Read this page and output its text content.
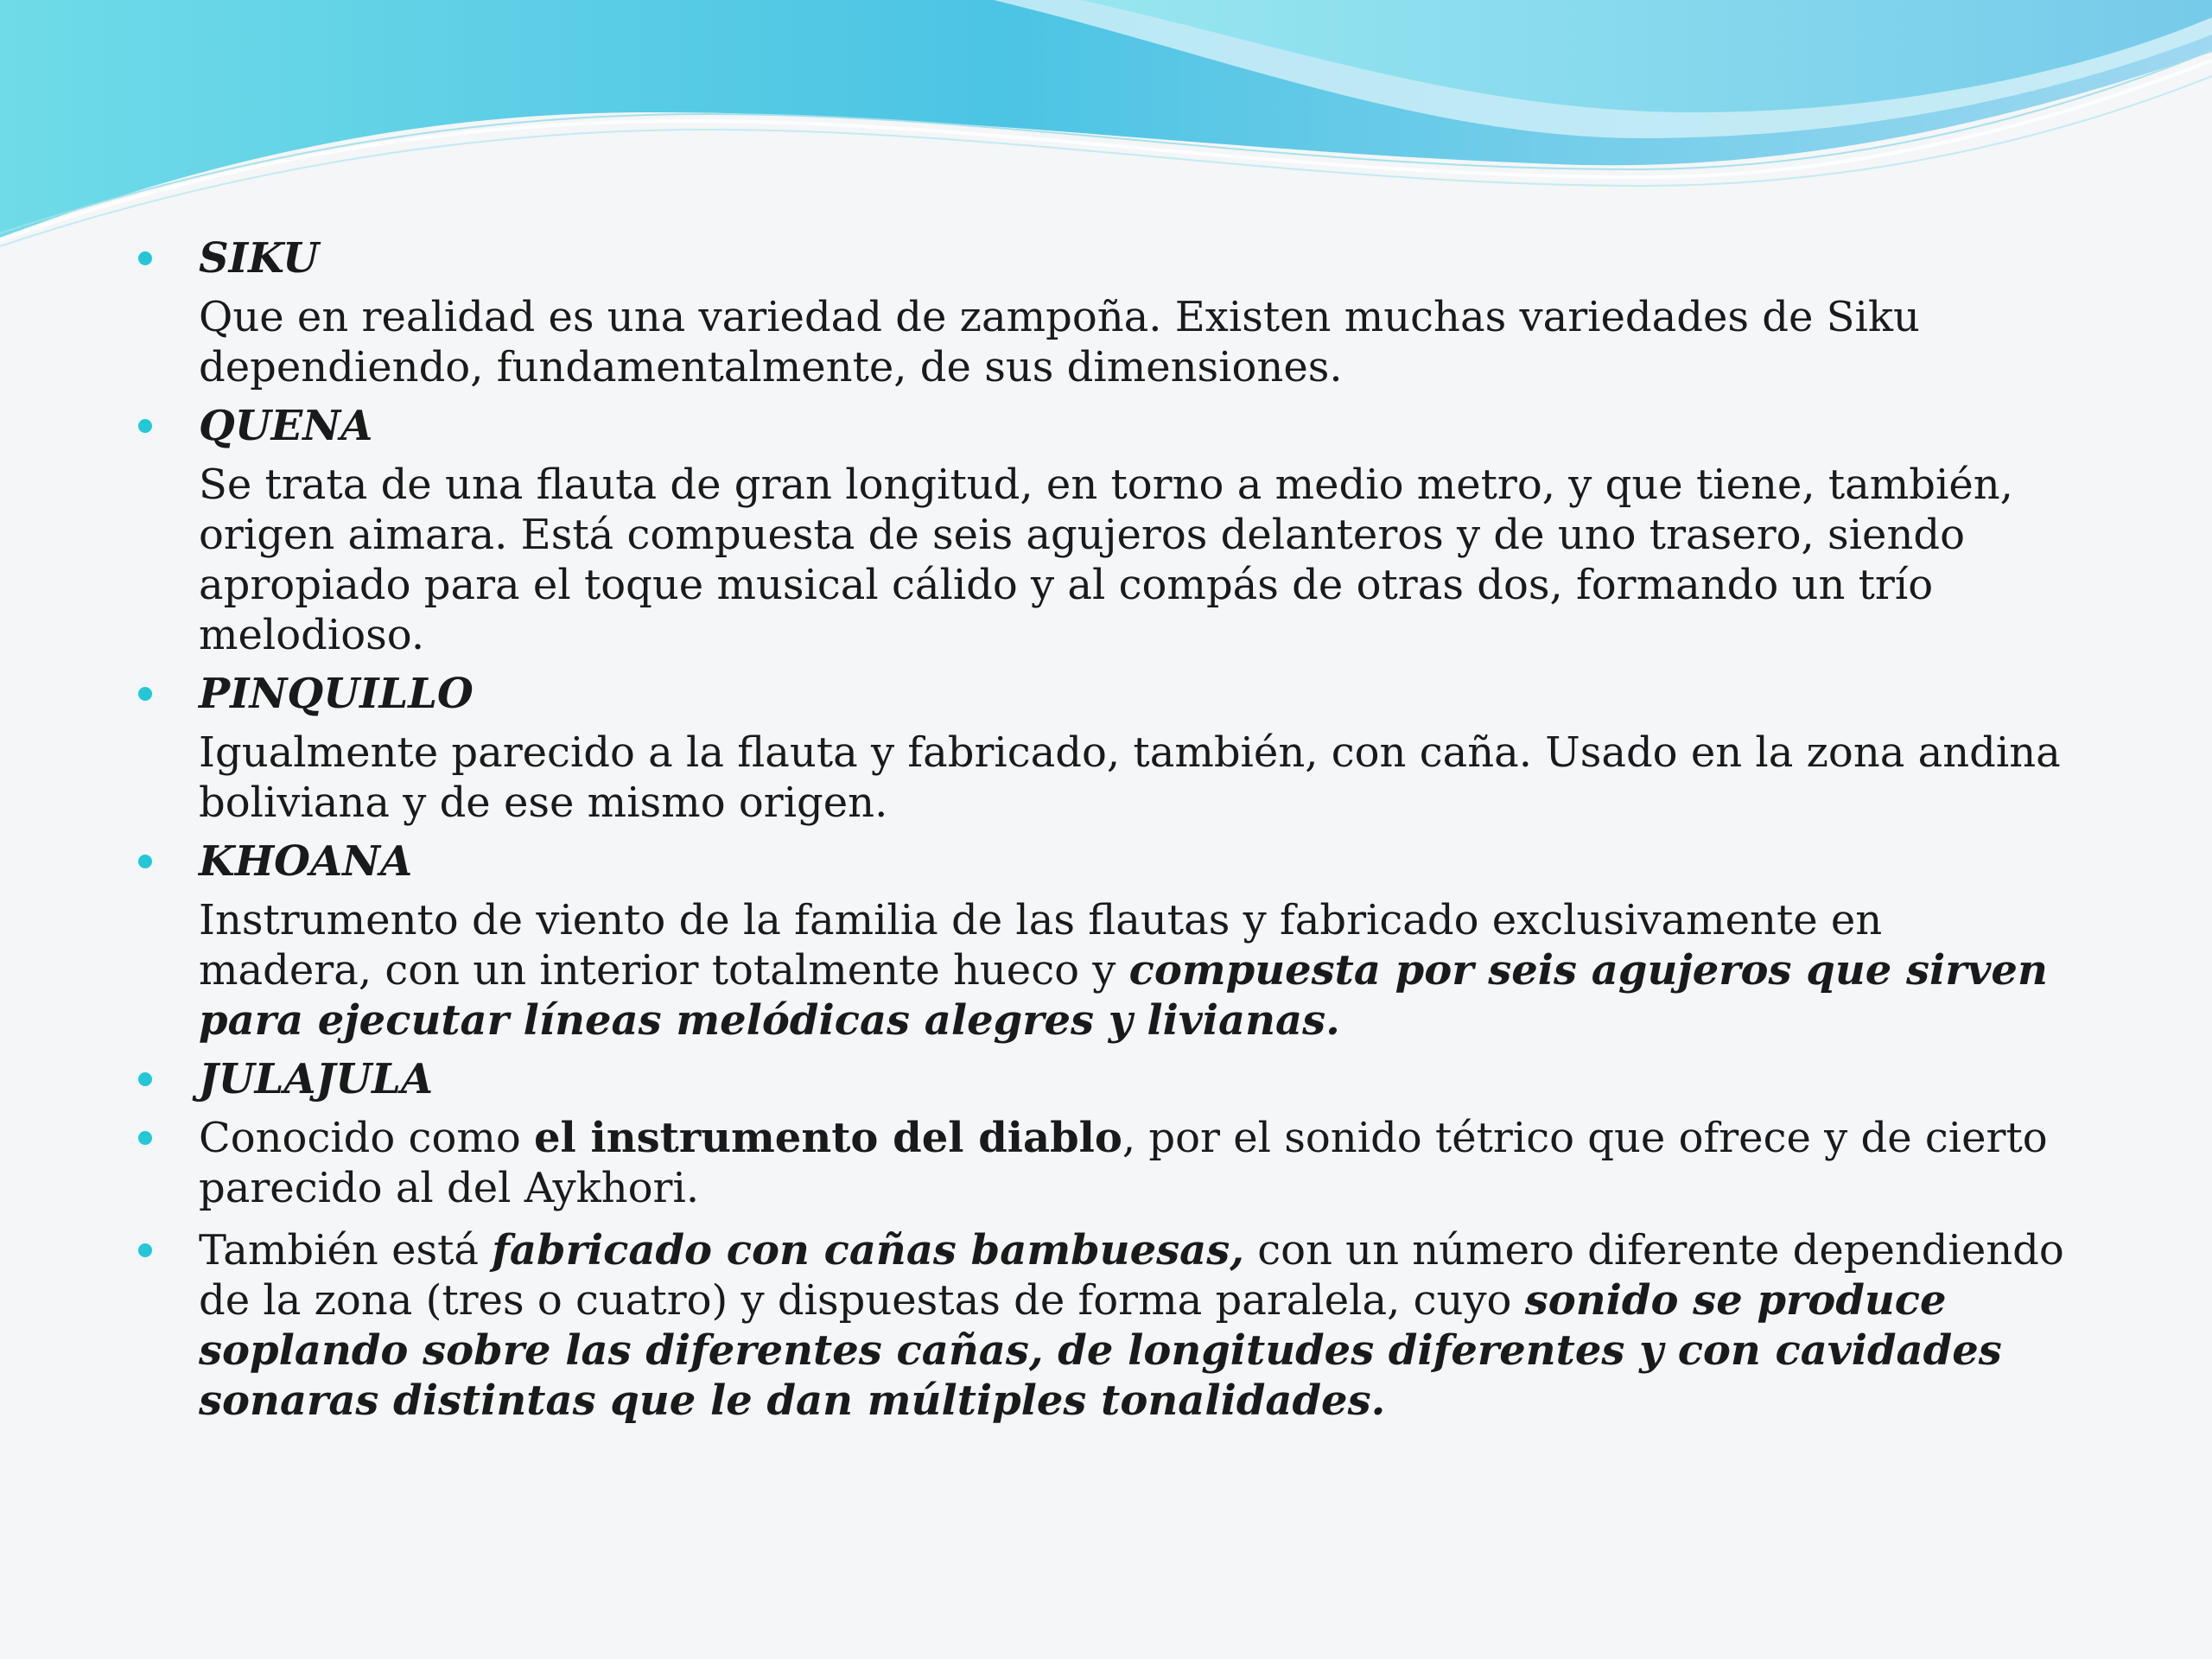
SIKU
Que en realidad es una variedad de zampoña. Existen muchas variedades de Siku dependiendo, fundamentalmente, de sus dimensiones.
QUENA
Se trata de una flauta de gran longitud, en torno a medio metro, y que tiene, también, origen aimara. Está compuesta de seis agujeros delanteros y de uno trasero, siendo apropiado para el toque musical cálido y al compás de otras dos, formando un trío melodioso.
PINQUILLO
Igualmente parecido a la flauta y fabricado, también, con caña. Usado en la zona andina boliviana y de ese mismo origen.
KHOANA
Instrumento de viento de la familia de las flautas y fabricado exclusivamente en madera, con un interior totalmente hueco y compuesta por seis agujeros que sirven para ejecutar líneas melódicas alegres y livianas.
JULAJULA
Conocido como el instrumento del diablo, por el sonido tétrico que ofrece y de cierto parecido al del Aykhori.
También está fabricado con cañas bambuesas, con un número diferente dependiendo de la zona (tres o cuatro) y dispuestas de forma paralela, cuyo sonido se produce soplando sobre las diferentes cañas, de longitudes diferentes y con cavidades sonaras distintas que le dan múltiples tonalidades.
